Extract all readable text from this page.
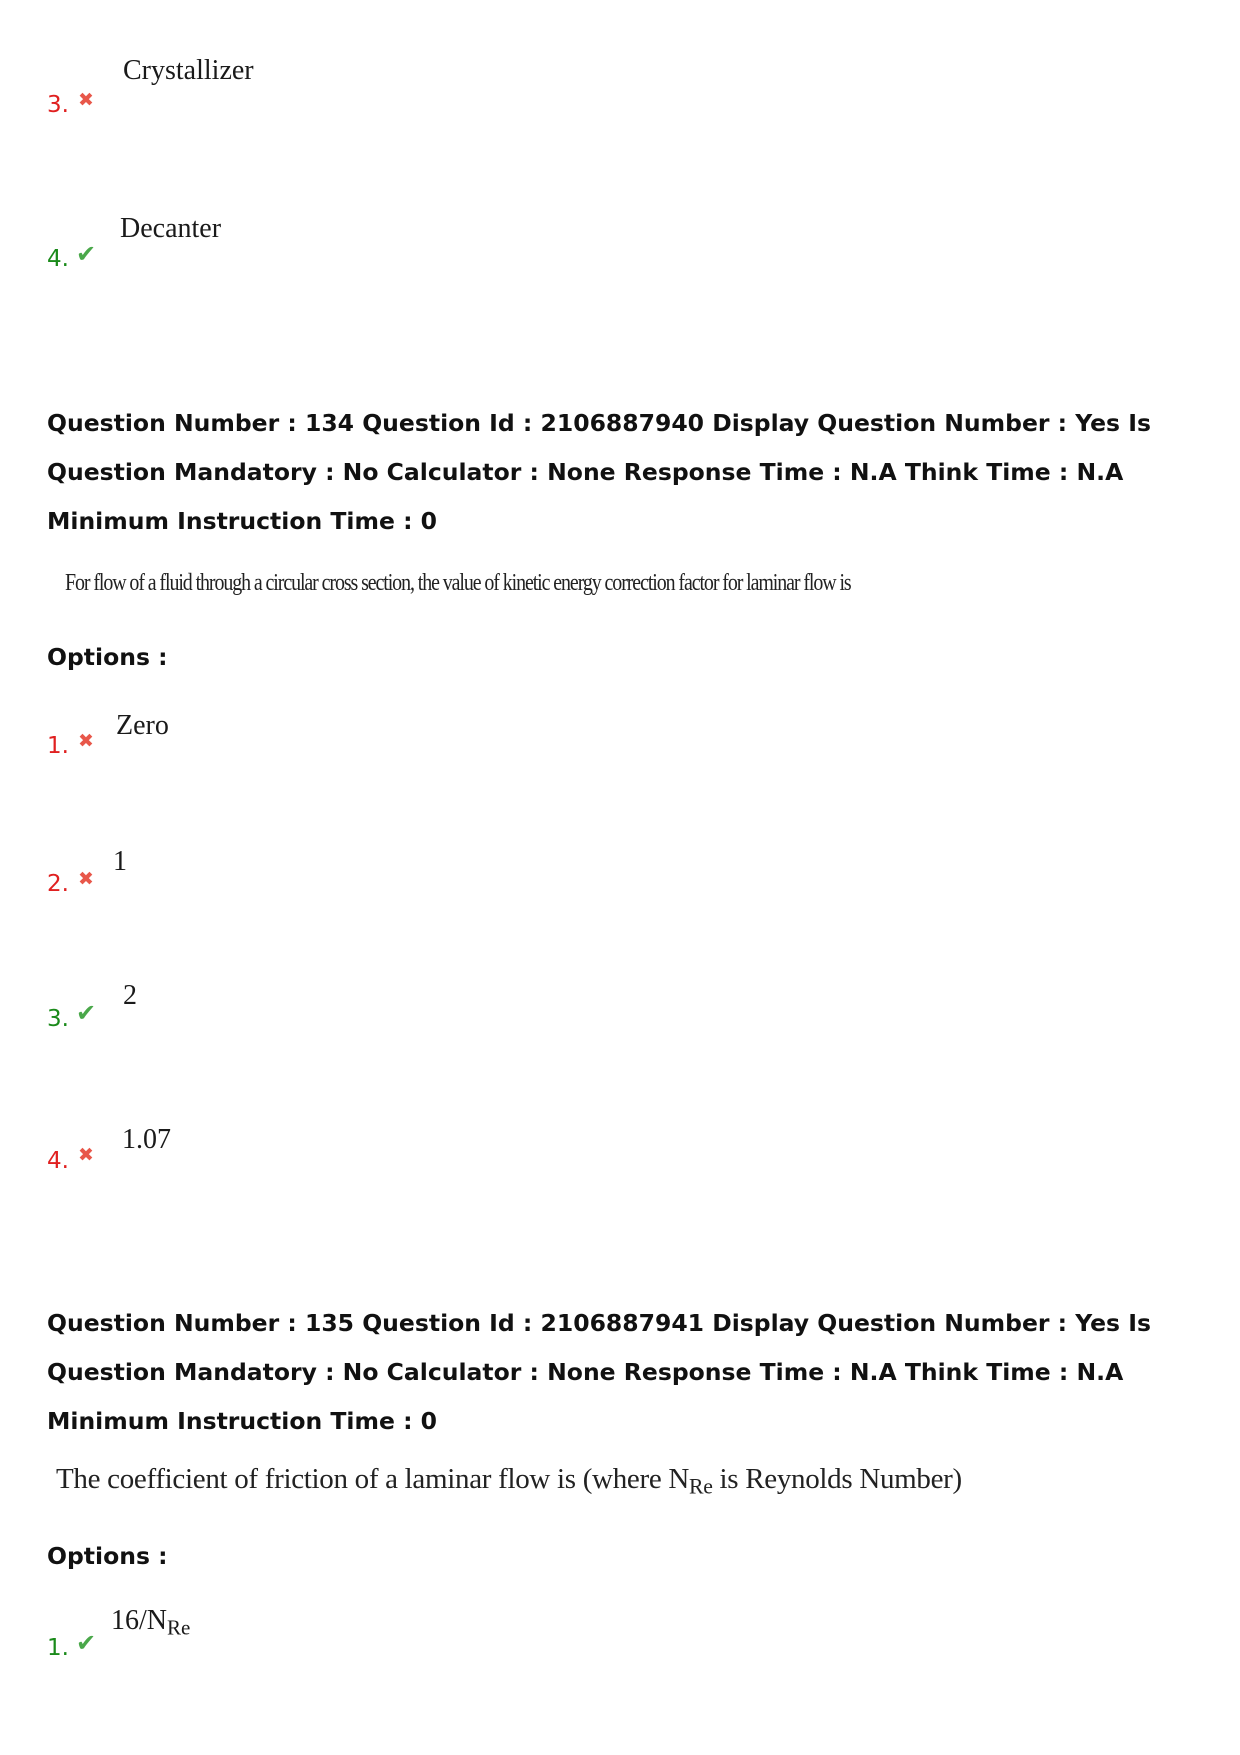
3. ✖
Crystallizer
4. ✔
Decanter
Question Number : 134 Question Id : 2106887940 Display Question Number : Yes Is Question Mandatory : No Calculator : None Response Time : N.A Think Time : N.A Minimum Instruction Time : 0
For flow of a fluid through a circular cross section, the value of kinetic energy correction factor for laminar flow is
Options :
1. ✖ Zero
2. ✖
1
3. ✔
2
4. ✖ 1.07
Question Number : 135 Question Id : 2106887941 Display Question Number : Yes Is Question Mandatory : No Calculator : None Response Time : N.A Think Time : N.A Minimum Instruction Time : 0
The coefficient of friction of a laminar flow is (where $N_{Re}$ is Reynolds Number)
Options :
1. ✔
$16/N_{Re}$
